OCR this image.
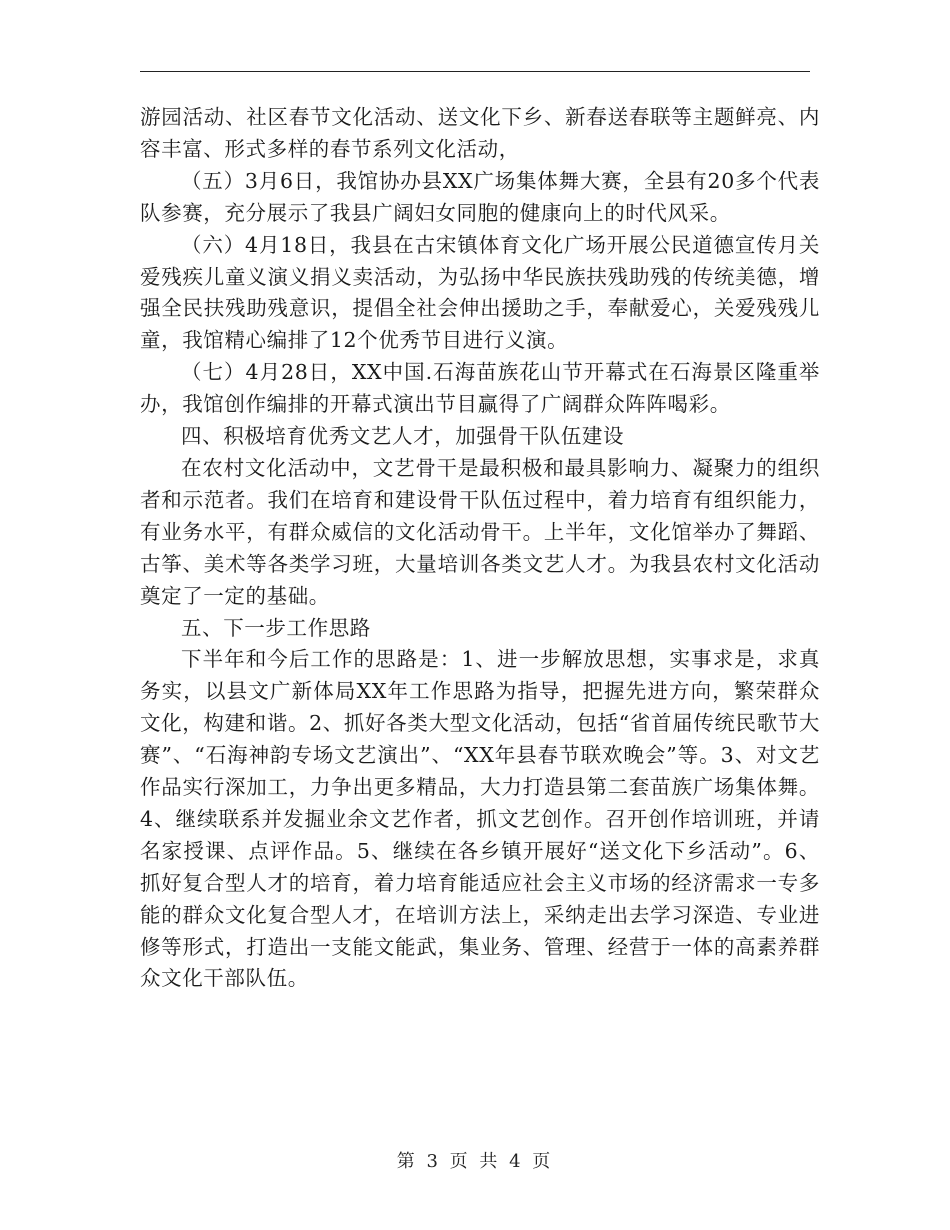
游园活动、社区春节文化活动、送文化下乡、新春送春联等主题鲜亮、内容丰富、形式多样的春节系列文化活动，

（五）3月6日，我馆协办县XX广场集体舞大赛，全县有20多个代表队参赛，充分展示了我县广阔妇女同胞的健康向上的时代风采。

（六）4月18日，我县在古宋镇体育文化广场开展公民道德宣传月关爱残疾儿童义演义捐义卖活动，为弘扬中华民族扶残助残的传统美德，增强全民扶残助残意识，提倡全社会伸出援助之手，奉献爱心，关爱残残儿童，我馆精心编排了12个优秀节目进行义演。

（七）4月28日，XX中国.石海苗族花山节开幕式在石海景区隆重举办，我馆创作编排的开幕式演出节目赢得了广阔群众阵阵喝彩。

四、积极培育优秀文艺人才，加强骨干队伍建设

在农村文化活动中，文艺骨干是最积极和最具影响力、凝聚力的组织者和示范者。我们在培育和建设骨干队伍过程中，着力培育有组织能力，有业务水平，有群众威信的文化活动骨干。上半年，文化馆举办了舞蹈、古筝、美术等各类学习班，大量培训各类文艺人才。为我县农村文化活动奠定了一定的基础。

五、下一步工作思路

下半年和今后工作的思路是：1、进一步解放思想，实事求是，求真务实，以县文广新体局XX年工作思路为指导，把握先进方向，繁荣群众文化，构建和谐。2、抓好各类大型文化活动，包括“省首届传统民歌节大赛”、“石海神韵专场文艺演出”、“XX年县春节联欢晚会”等。3、对文艺作品实行深加工，力争出更多精品，大力打造县第二套苗族广场集体舞。4、继续联系并发掘业余文艺作者，抓文艺创作。召开创作培训班，并请名家授课、点评作品。5、继续在各乡镇开展好“送文化下乡活动”。6、抓好复合型人才的培育，着力培育能适应社会主义市场的经济需求一专多能的群众文化复合型人才，在培训方法上，采纳走出去学习深造、专业进修等形式，打造出一支能文能武，集业务、管理、经营于一体的高素养群众文化干部队伍。

第 3 页 共 4 页
